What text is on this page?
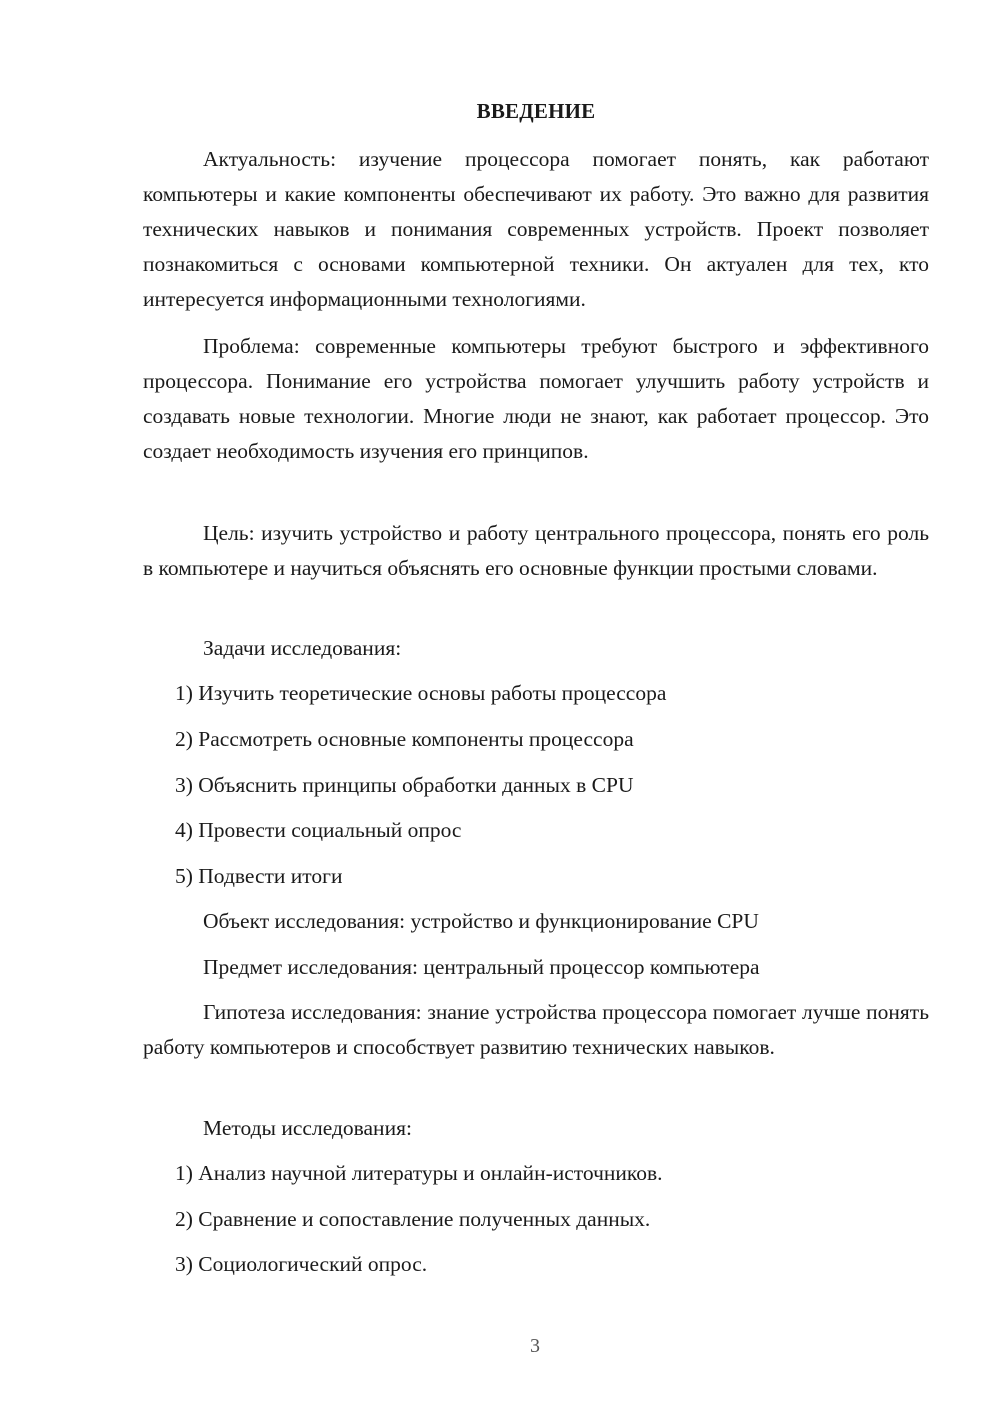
ВВЕДЕНИЕ

Актуальность: изучение процессора помогает понять, как работают компьютеры и какие компоненты обеспечивают их работу. Это важно для развития технических навыков и понимания современных устройств. Проект позволяет познакомиться с основами компьютерной техники. Он актуален для тех, кто интересуется информационными технологиями.

Проблема: современные компьютеры требуют быстрого и эффективного процессора. Понимание его устройства помогает улучшить работу устройств и создавать новые технологии. Многие люди не знают, как работает процессор. Это создает необходимость изучения его принципов.

Цель: изучить устройство и работу центрального процессора, понять его роль в компьютере и научиться объяснять его основные функции простыми словами.

Задачи исследования:
1) Изучить теоретические основы работы процессора
2) Рассмотреть основные компоненты процессора
3) Объяснить принципы обработки данных в CPU
4) Провести социальный опрос
5) Подвести итоги
Объект исследования: устройство и функционирование CPU
Предмет исследования: центральный процессор компьютера

Гипотеза исследования: знание устройства процессора помогает лучше понять работу компьютеров и способствует развитию технических навыков.

Методы исследования:
1) Анализ научной литературы и онлайн-источников.
2) Сравнение и сопоставление полученных данных.
3) Социологический опрос.
3
